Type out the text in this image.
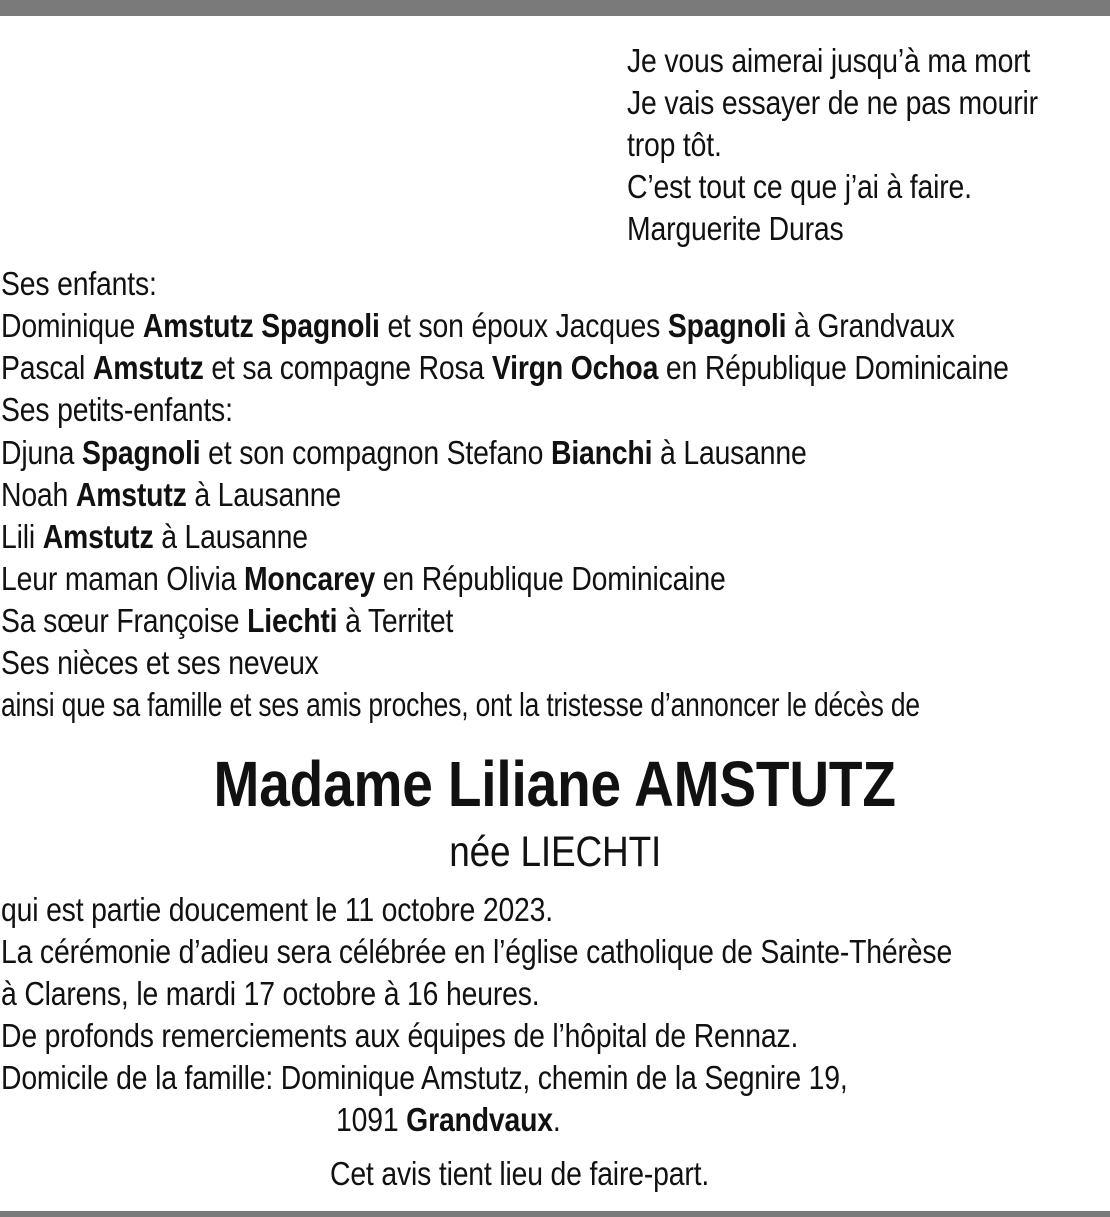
Je vous aimerai jusqu’à ma mort
Je vais essayer de ne pas mourir
trop tôt.
C’est tout ce que j’ai à faire.
Marguerite Duras
Ses enfants:
Dominique Amstutz Spagnoli et son époux Jacques Spagnoli à Grandvaux
Pascal Amstutz et sa compagne Rosa Virgn Ochoa en République Dominicaine
Ses petits-enfants:
Djuna Spagnoli et son compagnon Stefano Bianchi à Lausanne
Noah Amstutz à Lausanne
Lili Amstutz à Lausanne
Leur maman Olivia Moncarey en République Dominicaine
Sa sœur Françoise Liechti à Territet
Ses nièces et ses neveux
ainsi que sa famille et ses amis proches, ont la tristesse d’annoncer le décès de
Madame Liliane AMSTUTZ
née LIECHTI
qui est partie doucement le 11 octobre 2023.
La cérémonie d’adieu sera célébrée en l’église catholique de Sainte-Thérèse
à Clarens, le mardi 17 octobre à 16 heures.
De profonds remerciements aux équipes de l’hôpital de Rennaz.
Domicile de la famille: Dominique Amstutz, chemin de la Segnire 19,
1091 Grandvaux.
Cet avis tient lieu de faire-part.
